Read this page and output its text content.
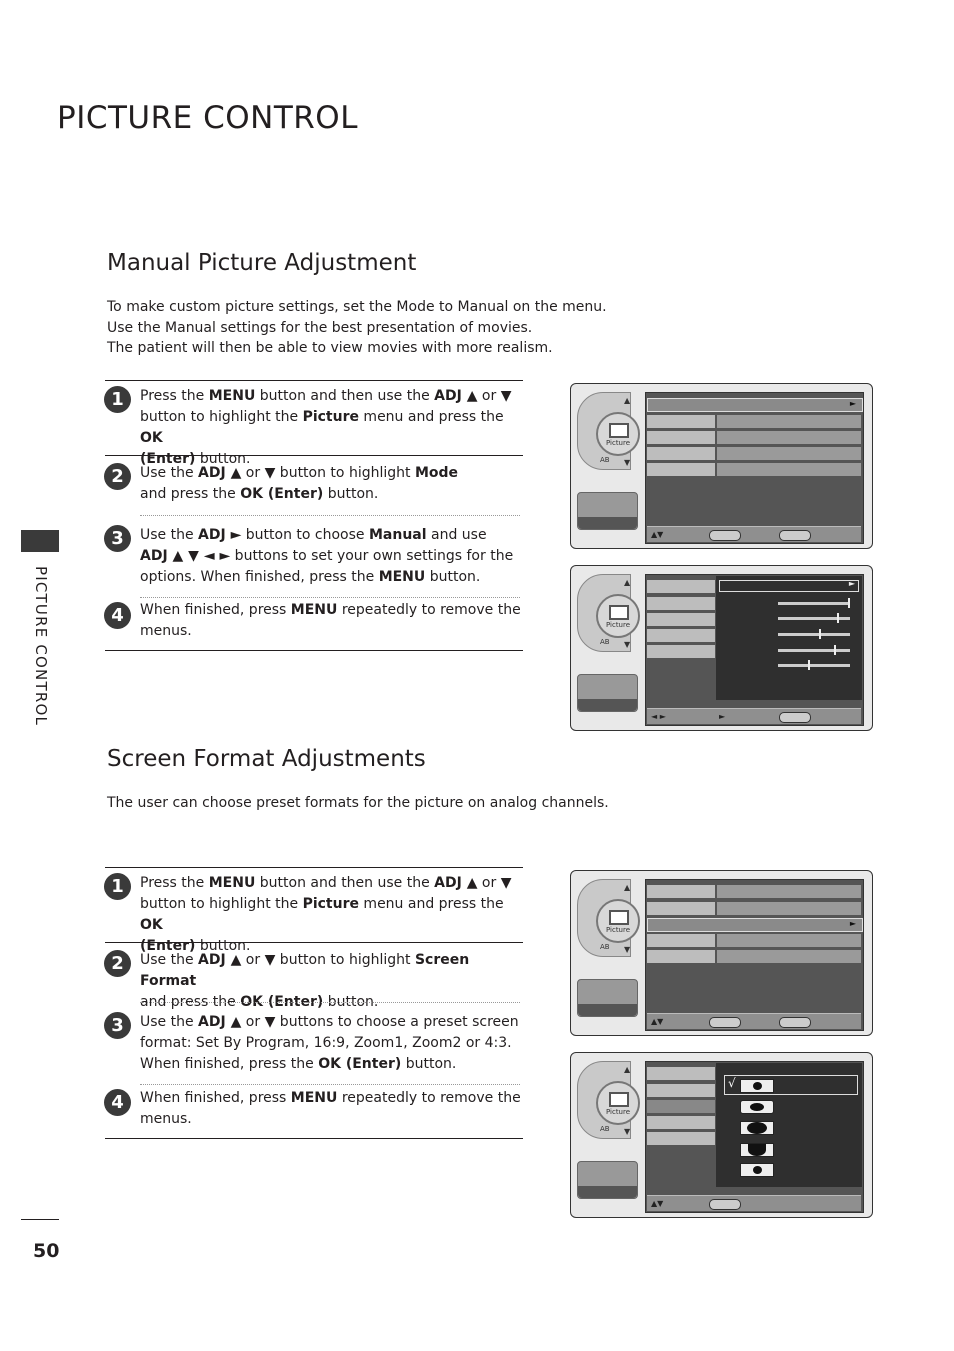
PICTURE CONTROL
PICTURE CONTROL
Manual Picture Adjustment
To make custom picture settings, set the Mode to Manual on the menu.
Use the Manual settings for the best presentation of movies.
The patient will then be able to view movies with more realism.
1	Press the MENU button and then use the ADJ ▲ or ▼
button to highlight the Picture menu and press the OK
(Enter) button.
2	Use the ADJ ▲ or ▼ button to highlight Mode
and press the OK (Enter) button.
3	Use the ADJ ► button to choose Manual and use
ADJ ▲ ▼ ◄ ► buttons to set your own settings for the
options. When finished, press the MENU button.
4	When finished, press MENU repeatedly to remove the
menus.
▲
▼
Picture
AB
►
▲▼
▲
▼
Picture
AB
►
◄ ►	►
Screen Format Adjustments
The user can choose preset formats for the picture on analog channels.
1	Press the MENU button and then use the ADJ ▲ or ▼
button to highlight the Picture menu and press the OK
(Enter) button.
2	Use the ADJ ▲ or ▼ button to highlight Screen Format
and press the OK (Enter) button.
3	Use the ADJ ▲ or ▼ buttons to choose a preset screen
format: Set By Program, 16:9, Zoom1, Zoom2 or 4:3.
When finished, press the OK (Enter) button.
4	When finished, press MENU repeatedly to remove the
menus.
▲
▼
Picture
AB
►
▲▼
▲
▼
Picture
AB
√
▲▼
50
